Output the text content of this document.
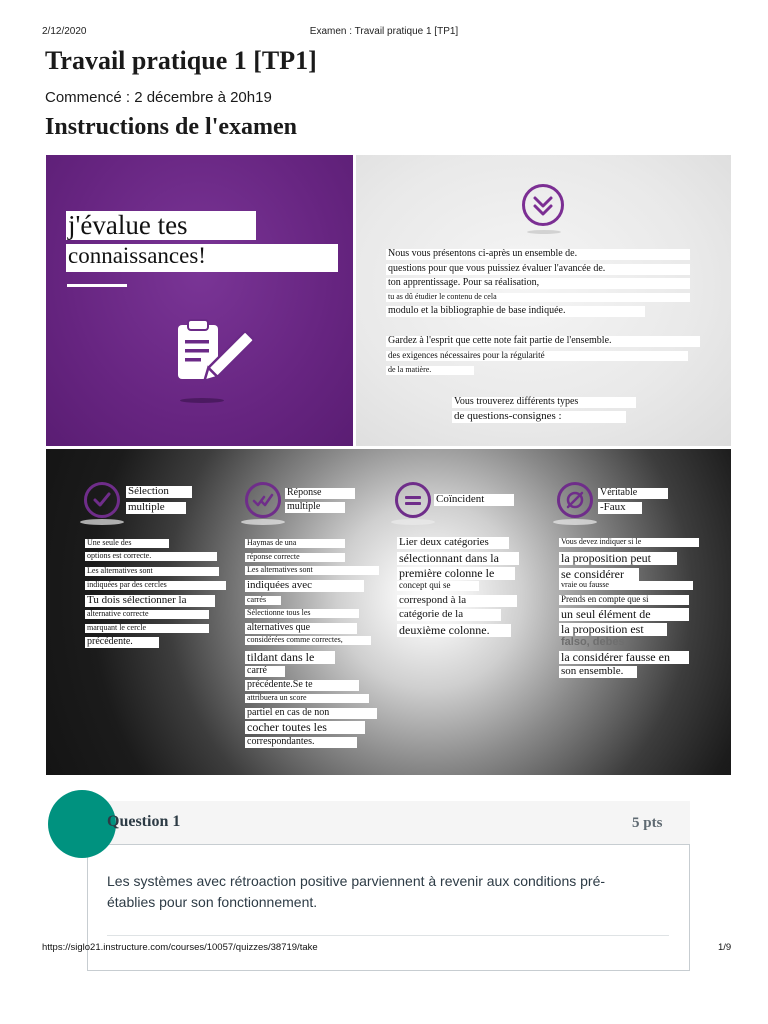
2/12/2020	Examen : Travail pratique 1 [TP1]
Travail pratique 1 [TP1]
Commencé : 2 décembre à 20h19
Instructions de l'examen
j'évalue tes
connaissances!	Nous vous présentons ci-après un ensemble de.
questions pour que vous puissiez évaluer l'avancée de.
ton apprentissage. Pour sa réalisation,
tu as dû étudier le contenu de cela
modulo et la bibliographie de base indiquée.
Gardez à l'esprit que cette note fait partie de l'ensemble.
des exigences nécessaires pour la régularité
de la matière.
Vous trouverez différents types
de questions-consignes :
Sélection
multiple
Une seule des
options est correcte.
Les alternatives sont
indiquées par des cercles
Tu dois sélectionner la
alternative correcte
marquant le cercle
précédente.
Réponse
multiple
Haymas de una
réponse correcte
Les alternatives sont
indiquées avec
carrés
Sélectionne tous les
alternatives que
considérées comme correctes,
tildant dans le
carré
précédente.Se te
attribuera un score
partiel en cas de non
cocher toutes les
correspondantes.
Coïncident
Lier deux catégories
sélectionnant dans la
première colonne le
concept qui se
correspond à la
catégorie de la
deuxième colonne.
Véritable
-Faux
Vous devez indiquer si le
la proposition peut
se considérer
vraie ou fausse
Prends en compte que si
un seul élément de
la proposition est
falso, debes
la considérer fausse en
son ensemble.
Question 1	5 pts
Les systèmes avec rétroaction positive parviennent à revenir aux conditions pré-
établies pour son fonctionnement.
https://siglo21.instructure.com/courses/10057/quizzes/38719/take	1/9
